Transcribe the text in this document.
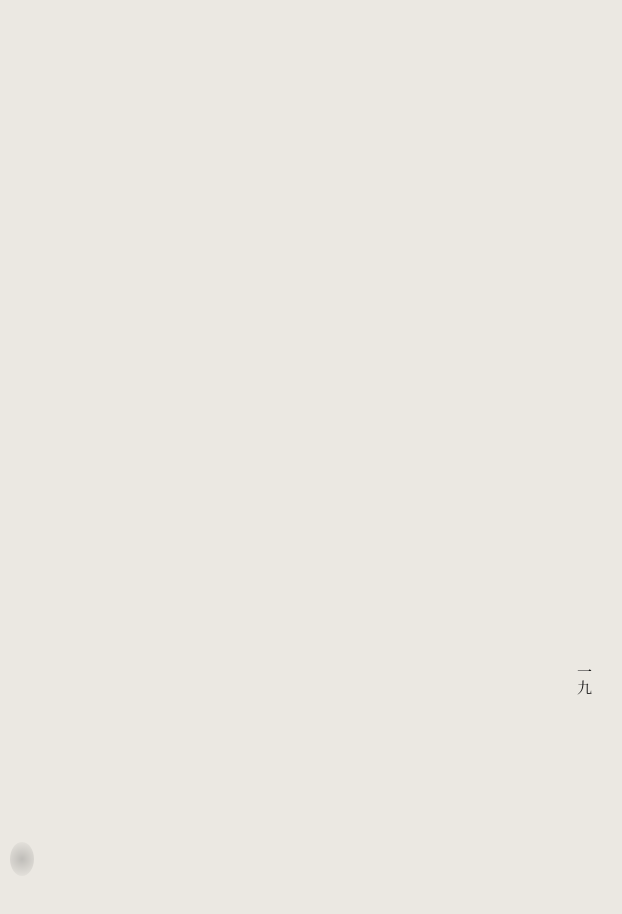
一九
